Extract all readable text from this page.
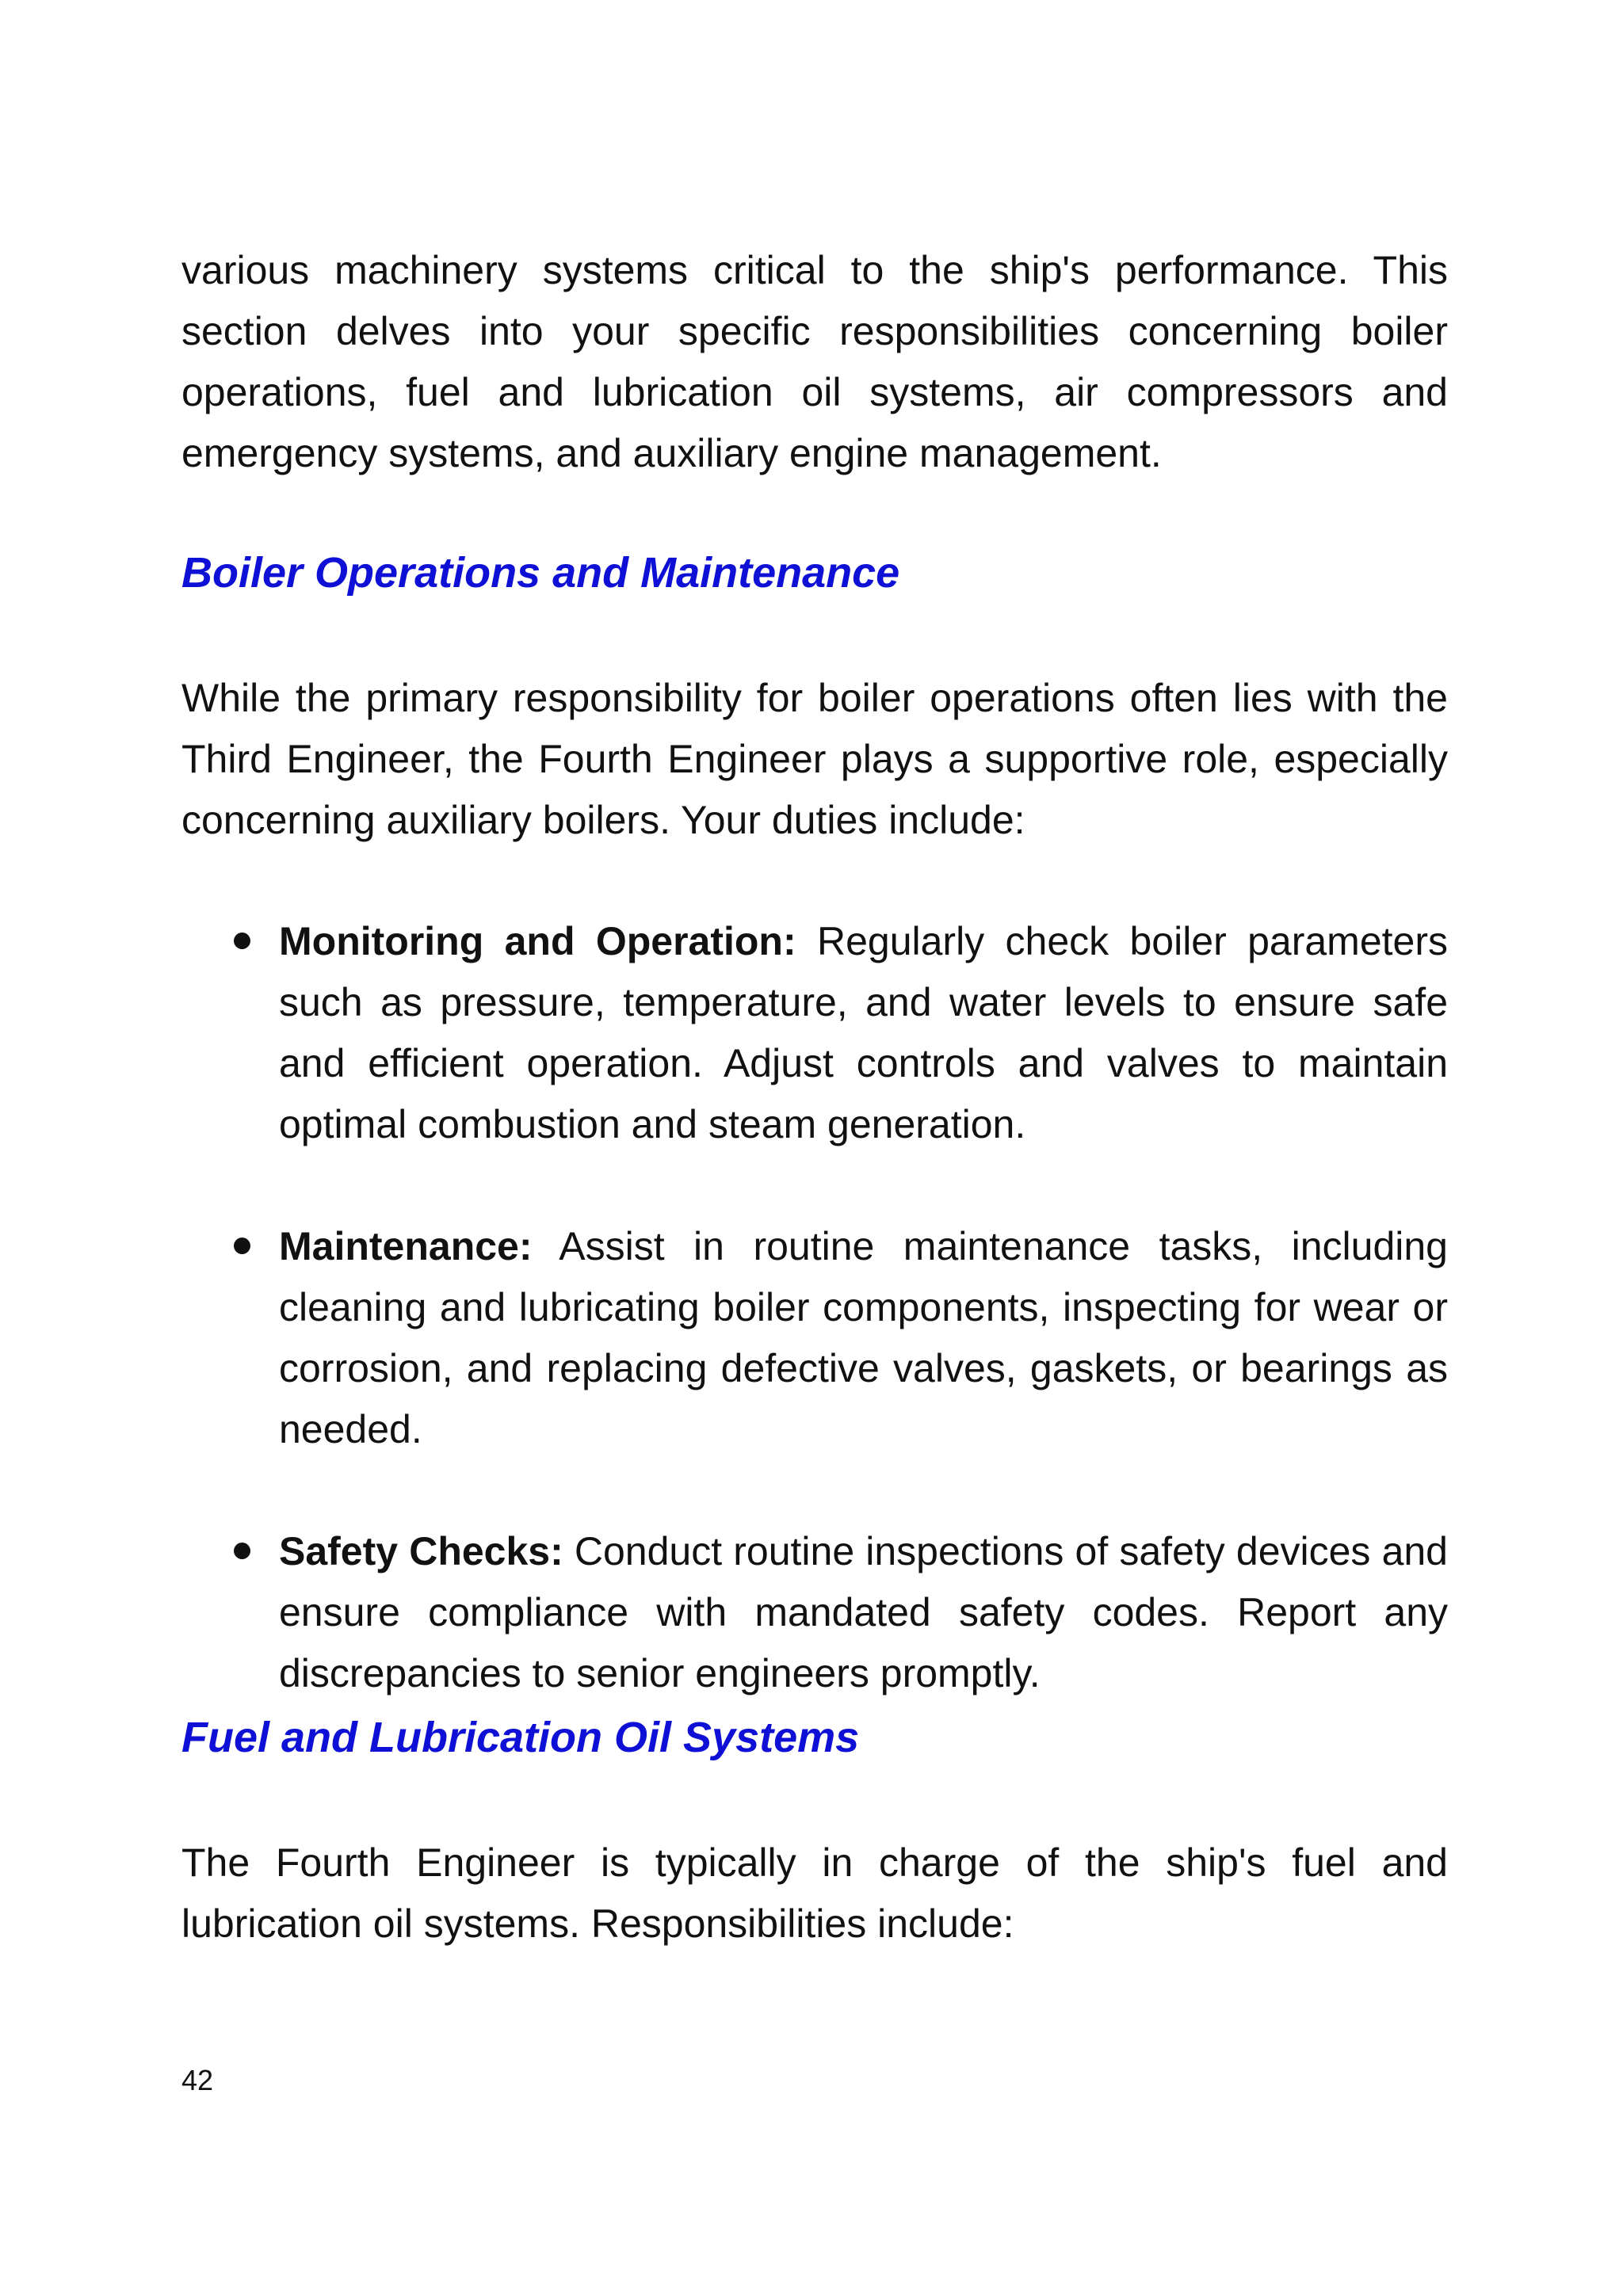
various machinery systems critical to the ship's performance. This section delves into your specific responsibilities concerning boiler operations, fuel and lubrication oil systems, air compressors and emergency systems, and auxiliary engine management.

Boiler Operations and Maintenance

While the primary responsibility for boiler operations often lies with the Third Engineer, the Fourth Engineer plays a supportive role, especially concerning auxiliary boilers. Your duties include:

Monitoring and Operation: Regularly check boiler parameters such as pressure, temperature, and water levels to ensure safe and efficient operation. Adjust controls and valves to maintain optimal combustion and steam generation.

Maintenance: Assist in routine maintenance tasks, including cleaning and lubricating boiler components, inspecting for wear or corrosion, and replacing defective valves, gaskets, or bearings as needed.

Safety Checks: Conduct routine inspections of safety devices and ensure compliance with mandated safety codes. Report any discrepancies to senior engineers promptly.

Fuel and Lubrication Oil Systems

The Fourth Engineer is typically in charge of the ship's fuel and lubrication oil systems. Responsibilities include:

42
